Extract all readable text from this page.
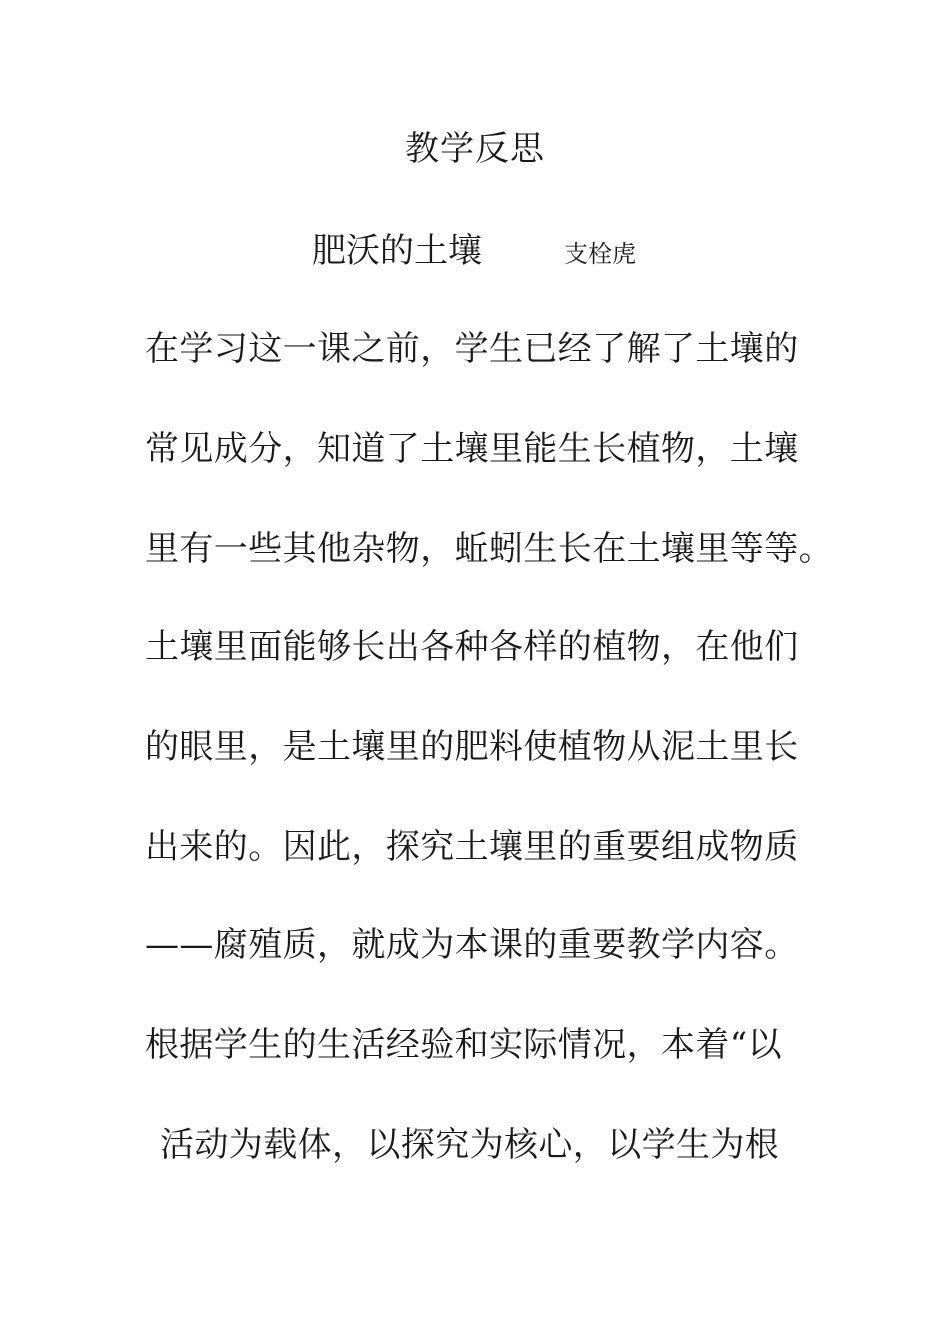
教学反思
肥沃的土壤	支栓虎
在学习这一课之前，学生已经了解了土壤的
常见成分，知道了土壤里能生长植物，土壤
里有一些其他杂物，蚯蚓生长在土壤里等等。
土壤里面能够长出各种各样的植物，在他们
的眼里，是土壤里的肥料使植物从泥土里长
出来的。因此，探究土壤里的重要组成物质
——腐殖质，就成为本课的重要教学内容。
根据学生的生活经验和实际情况，本着“以
活动为载体，以探究为核心，以学生为根
